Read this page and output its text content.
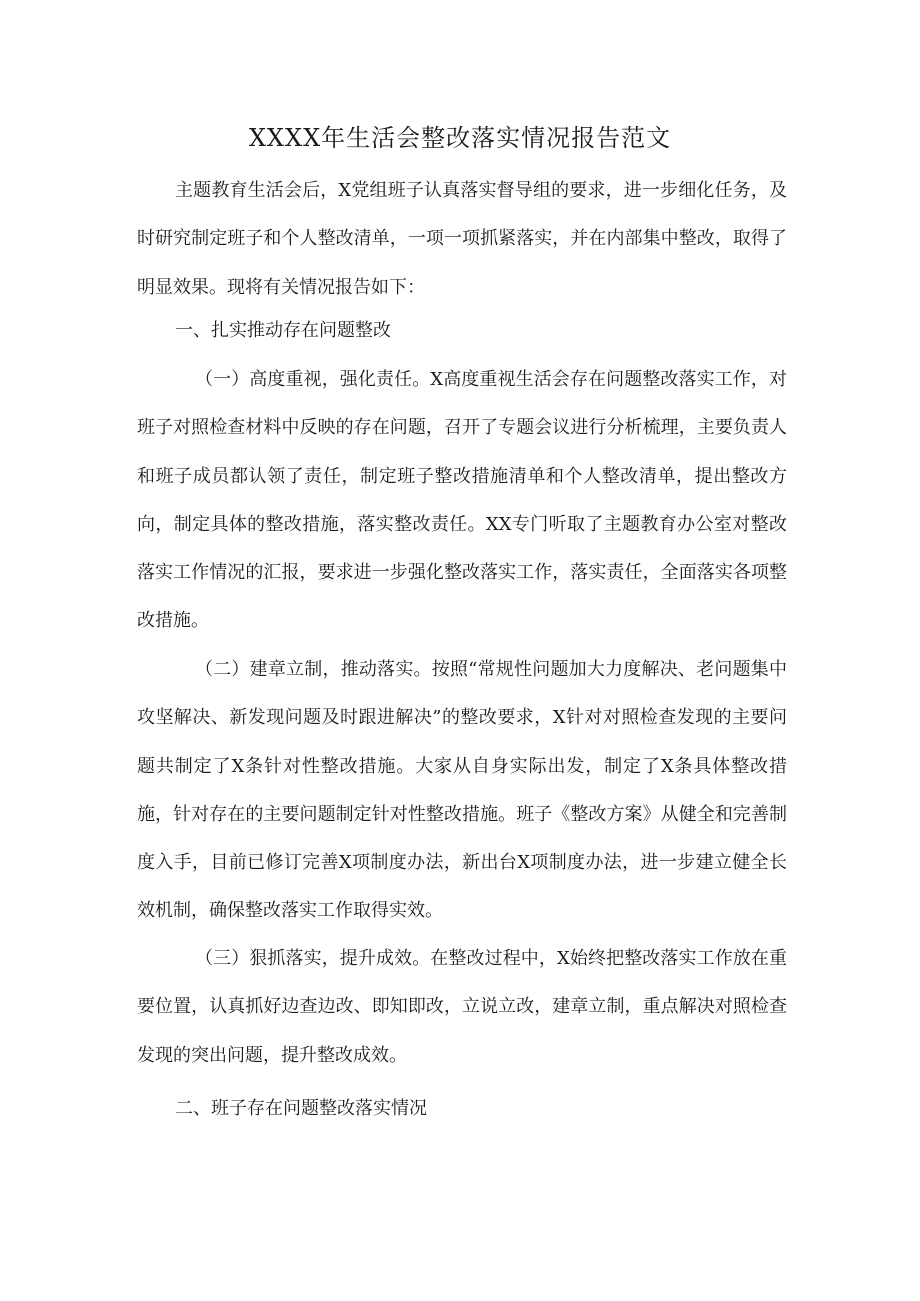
XXXX年生活会整改落实情况报告范文

主题教育生活会后，X党组班子认真落实督导组的要求，进一步细化任务，及时研究制定班子和个人整改清单，一项一项抓紧落实，并在内部集中整改，取得了明显效果。现将有关情况报告如下：

一、扎实推动存在问题整改

（一）高度重视，强化责任。X高度重视生活会存在问题整改落实工作，对班子对照检查材料中反映的存在问题，召开了专题会议进行分析梳理，主要负责人和班子成员都认领了责任，制定班子整改措施清单和个人整改清单，提出整改方向，制定具体的整改措施，落实整改责任。XX专门听取了主题教育办公室对整改落实工作情况的汇报，要求进一步强化整改落实工作，落实责任，全面落实各项整改措施。

（二）建章立制，推动落实。按照“常规性问题加大力度解决、老问题集中攻坚解决、新发现问题及时跟进解决”的整改要求，X针对对照检查发现的主要问题共制定了X条针对性整改措施。大家从自身实际出发，制定了X条具体整改措施，针对存在的主要问题制定针对性整改措施。班子《整改方案》从健全和完善制度入手，目前已修订完善X项制度办法，新出台X项制度办法，进一步建立健全长效机制，确保整改落实工作取得实效。

（三）狠抓落实，提升成效。在整改过程中，X始终把整改落实工作放在重要位置，认真抓好边查边改、即知即改，立说立改，建章立制，重点解决对照检查发现的突出问题，提升整改成效。

二、班子存在问题整改落实情况
